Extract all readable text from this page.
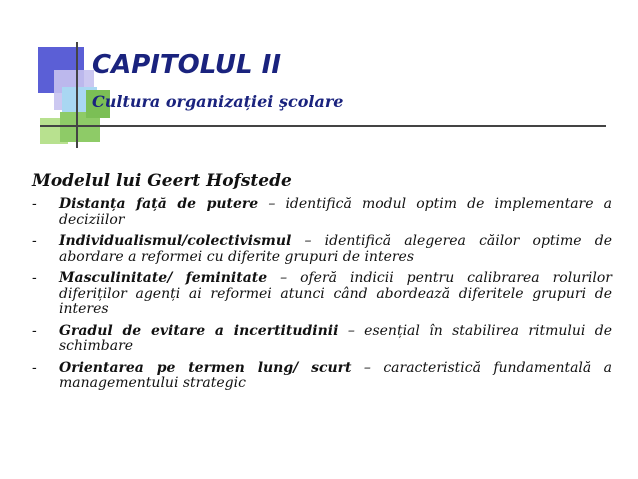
CAPITOLUL II
Cultura organizației şcolare

Modelul lui Geert Hofstede

- Distanța față de putere – identifică modul optim de implementare a deciziilor
- Individualismul/colectivismul – identifică alegerea căilor optime de abordare a reformei cu diferite grupuri de interes
- Masculinitate/ feminitate – oferă indicii pentru calibrarea rolurilor diferiților agenți ai reformei atunci când abordează diferitele grupuri de interes
- Gradul de evitare a incertitudinii – esențial în stabilirea ritmului de schimbare
- Orientarea pe termen lung/ scurt – caracteristică fundamentală a managementului strategic
